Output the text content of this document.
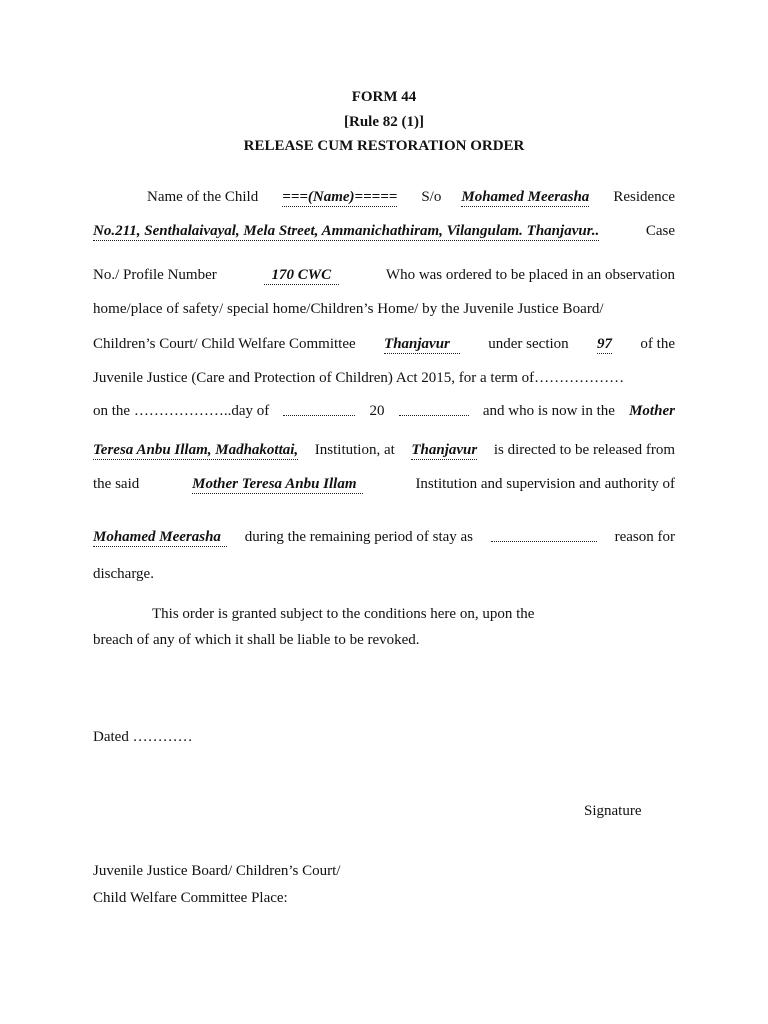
FORM 44

[Rule 82 (1)]

RELEASE CUM RESTORATION ORDER

Name of the Child ===(Name)===== S/o Mohamed Meerasha Residence
No.211, Senthalaivayal, Mela Street, Ammanichathiram, Vilangulam. Thanjavur..	Case
No./ Profile Number	170 CWC	Who was ordered to be placed in an observation
home/place of safety/ special home/Children’s Home/ by the Juvenile Justice Board/
Children’s Court/ Child Welfare Committee Thanjavur	under section 97 of the
Juvenile Justice (Care and Protection of Children) Act 2015, for a term of………………
on the ………………..day of	20	and who is now in the Mother
Teresa Anbu Illam, Madhakottai, Institution, at Thanjavur is directed to be released from
the said	Mother Teresa Anbu Illam	Institution and supervision and authority of
Mohamed Meerasha	during the remaining period of stay as	reason for
discharge.
This order is granted subject to the conditions here on, upon the
breach of any of which it shall be liable to be revoked.
Dated …………
Signature
Juvenile Justice Board/ Children’s Court/
Child Welfare Committee Place:
